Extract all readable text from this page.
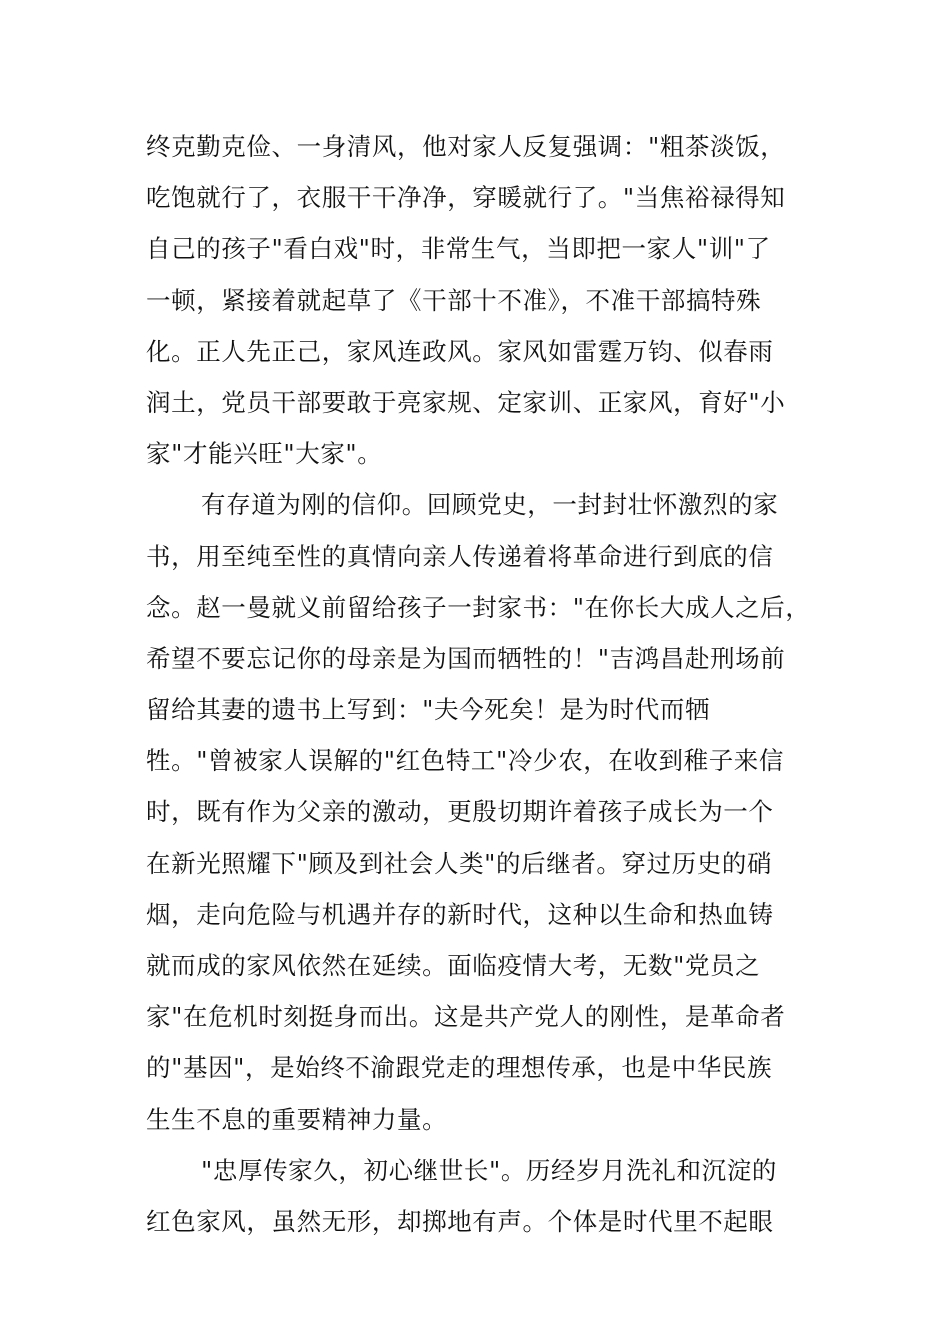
终克勤克俭、一身清风，他对家人反复强调："粗茶淡饭，
吃饱就行了，衣服干干净净，穿暖就行了。"当焦裕禄得知
自己的孩子"看白戏"时，非常生气，当即把一家人"训"了
一顿，紧接着就起草了《干部十不准》，不准干部搞特殊
化。正人先正己，家风连政风。家风如雷霆万钧、似春雨
润土，党员干部要敢于亮家规、定家训、正家风，育好"小
家"才能兴旺"大家"。
有存道为刚的信仰。回顾党史，一封封壮怀激烈的家
书，用至纯至性的真情向亲人传递着将革命进行到底的信
念。赵一曼就义前留给孩子一封家书："在你长大成人之后，
希望不要忘记你的母亲是为国而牺牲的！"吉鸿昌赴刑场前
留给其妻的遗书上写到："夫今死矣！是为时代而牺
牲。"曾被家人误解的"红色特工"冷少农，在收到稚子来信
时，既有作为父亲的激动，更殷切期许着孩子成长为一个
在新光照耀下"顾及到社会人类"的后继者。穿过历史的硝
烟，走向危险与机遇并存的新时代，这种以生命和热血铸
就而成的家风依然在延续。面临疫情大考，无数"党员之
家"在危机时刻挺身而出。这是共产党人的刚性，是革命者
的"基因"，是始终不渝跟党走的理想传承，也是中华民族
生生不息的重要精神力量。
"忠厚传家久，初心继世长"。历经岁月洗礼和沉淀的
红色家风，虽然无形，却掷地有声。个体是时代里不起眼
